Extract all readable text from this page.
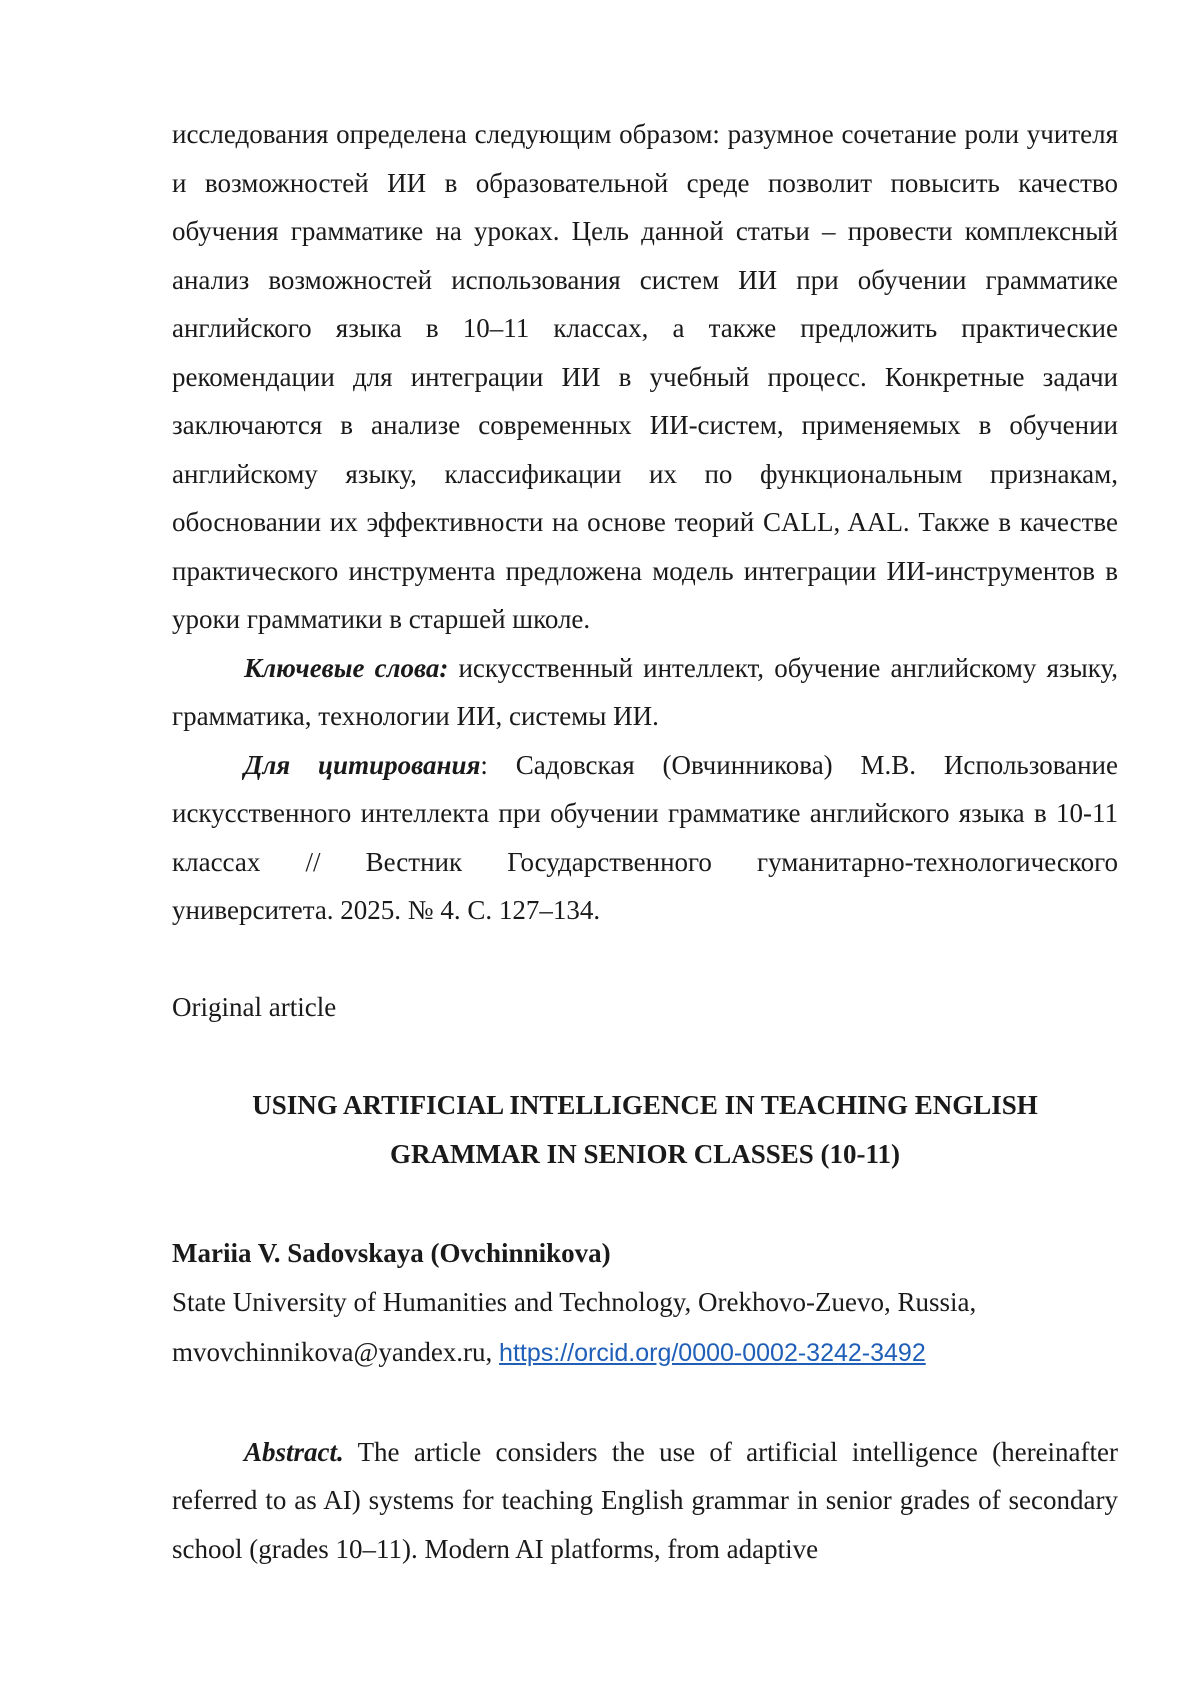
исследования определена следующим образом: разумное сочетание роли учителя и возможностей ИИ в образовательной среде позволит повысить качество обучения грамматике на уроках. Цель данной статьи – провести комплексный анализ возможностей использования систем ИИ при обучении грамматике английского языка в 10–11 классах, а также предложить практические рекомендации для интеграции ИИ в учебный процесс. Конкретные задачи заключаются в анализе современных ИИ-систем, применяемых в обучении английскому языку, классификации их по функциональным признакам, обосновании их эффективности на основе теорий CALL, AAL. Также в качестве практического инструмента предложена модель интеграции ИИ-инструментов в уроки грамматики в старшей школе.

Ключевые слова: искусственный интеллект, обучение английскому языку, грамматика, технологии ИИ, системы ИИ.

Для цитирования: Садовская (Овчинникова) М.В. Использование искусственного интеллекта при обучении грамматике английского языка в 10-11 классах // Вестник Государственного гуманитарно-технологического университета. 2025. № 4. С. 127–134.

Original article

USING ARTIFICIAL INTELLIGENCE IN TEACHING ENGLISH

GRAMMAR IN SENIOR CLASSES (10-11)

Mariia V. Sadovskaya (Ovchinnikova)

State University of Humanities and Technology, Orekhovo-Zuevo, Russia,

mvovchinnikova@yandex.ru, https://orcid.org/0000-0002-3242-3492

Abstract. The article considers the use of artificial intelligence (hereinafter referred to as AI) systems for teaching English grammar in senior grades of secondary school (grades 10–11). Modern AI platforms, from adaptive
